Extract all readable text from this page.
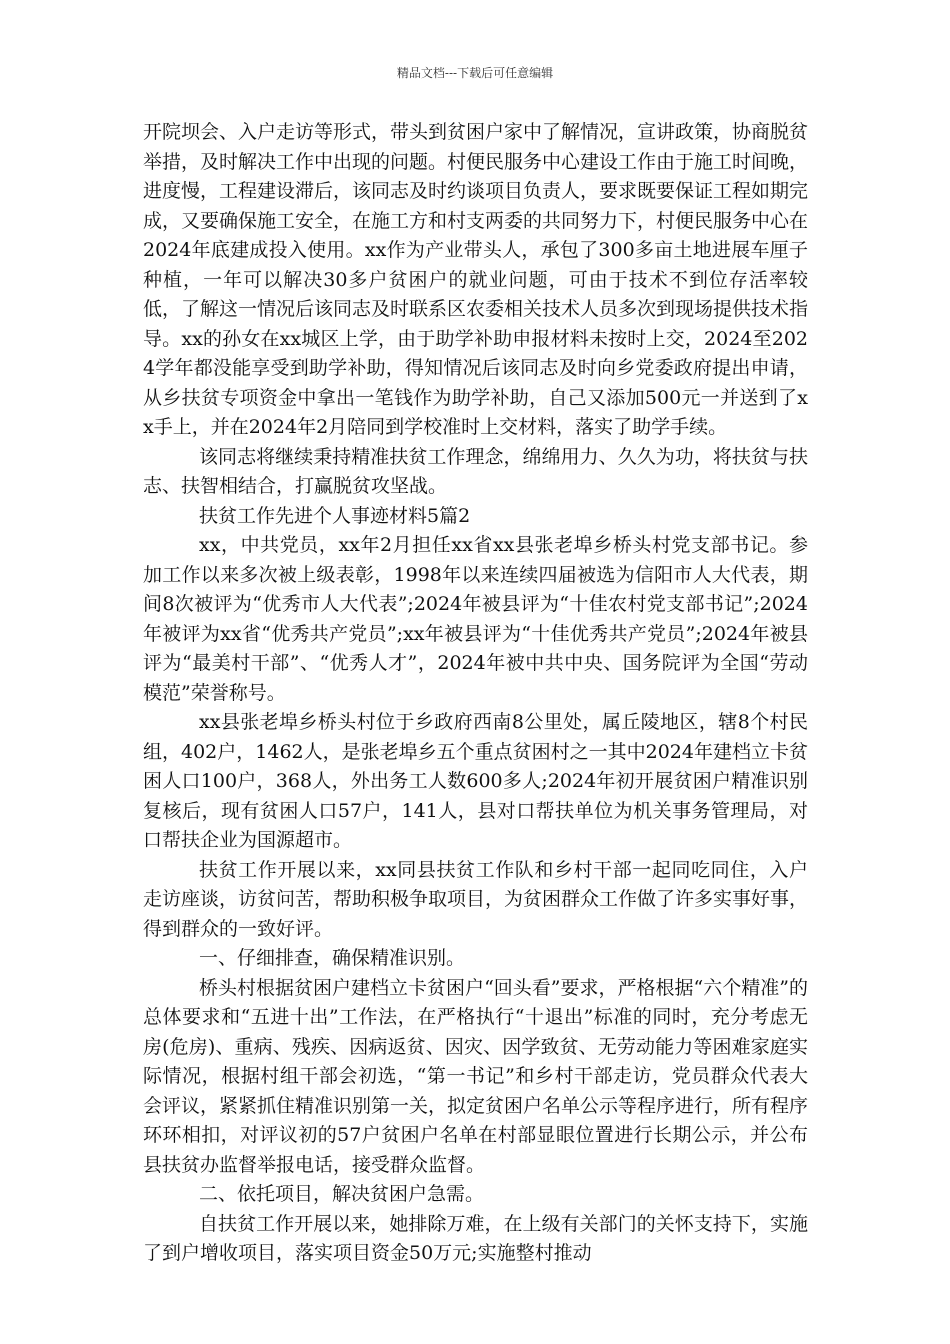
精品文档---下载后可任意编辑

开院坝会、入户走访等形式，带头到贫困户家中了解情况，宣讲政策，协商脱贫举措，及时解决工作中出现的问题。村便民服务中心建设工作由于施工时间晚，进度慢，工程建设滞后，该同志及时约谈项目负责人，要求既要保证工程如期完成，又要确保施工安全，在施工方和村支两委的共同努力下，村便民服务中心在2024年底建成投入使用。xx作为产业带头人，承包了300多亩土地进展车厘子种植，一年可以解决30多户贫困户的就业问题，可由于技术不到位存活率较低，了解这一情况后该同志及时联系区农委相关技术人员多次到现场提供技术指导。xx的孙女在xx城区上学，由于助学补助申报材料未按时上交，2024至2024学年都没能享受到助学补助，得知情况后该同志及时向乡党委政府提出申请，从乡扶贫专项资金中拿出一笔钱作为助学补助，自己又添加500元一并送到了xx手上，并在2024年2月陪同到学校准时上交材料，落实了助学手续。

该同志将继续秉持精准扶贫工作理念，绵绵用力、久久为功，将扶贫与扶志、扶智相结合，打赢脱贫攻坚战。

扶贫工作先进个人事迹材料5篇2

xx，中共党员，xx年2月担任xx省xx县张老埠乡桥头村党支部书记。参加工作以来多次被上级表彰，1998年以来连续四届被选为信阳市人大代表，期间8次被评为“优秀市人大代表”;2024年被县评为“十佳农村党支部书记”;2024年被评为xx省“优秀共产党员”;xx年被县评为“十佳优秀共产党员”;2024年被县评为“最美村干部”、“优秀人才”，2024年被中共中央、国务院评为全国“劳动模范”荣誉称号。

xx县张老埠乡桥头村位于乡政府西南8公里处，属丘陵地区，辖8个村民组，402户，1462人，是张老埠乡五个重点贫困村之一其中2024年建档立卡贫困人口100户，368人，外出务工人数600多人;2024年初开展贫困户精准识别复核后，现有贫困人口57户，141人，县对口帮扶单位为机关事务管理局，对口帮扶企业为国源超市。

扶贫工作开展以来，xx同县扶贫工作队和乡村干部一起同吃同住，入户走访座谈，访贫问苦，帮助积极争取项目，为贫困群众工作做了许多实事好事，得到群众的一致好评。

一、仔细排查，确保精准识别。

桥头村根据贫困户建档立卡贫困户“回头看”要求，严格根据“六个精准”的总体要求和“五进十出”工作法，在严格执行“十退出”标准的同时，充分考虑无房(危房)、重病、残疾、因病返贫、因灾、因学致贫、无劳动能力等困难家庭实际情况，根据村组干部会初选，“第一书记”和乡村干部走访，党员群众代表大会评议，紧紧抓住精准识别第一关，拟定贫困户名单公示等程序进行，所有程序环环相扣，对评议初的57户贫困户名单在村部显眼位置进行长期公示，并公布县扶贫办监督举报电话，接受群众监督。

二、依托项目，解决贫困户急需。

自扶贫工作开展以来，她排除万难，在上级有关部门的关怀支持下，实施了到户增收项目，落实项目资金50万元;实施整村推动
